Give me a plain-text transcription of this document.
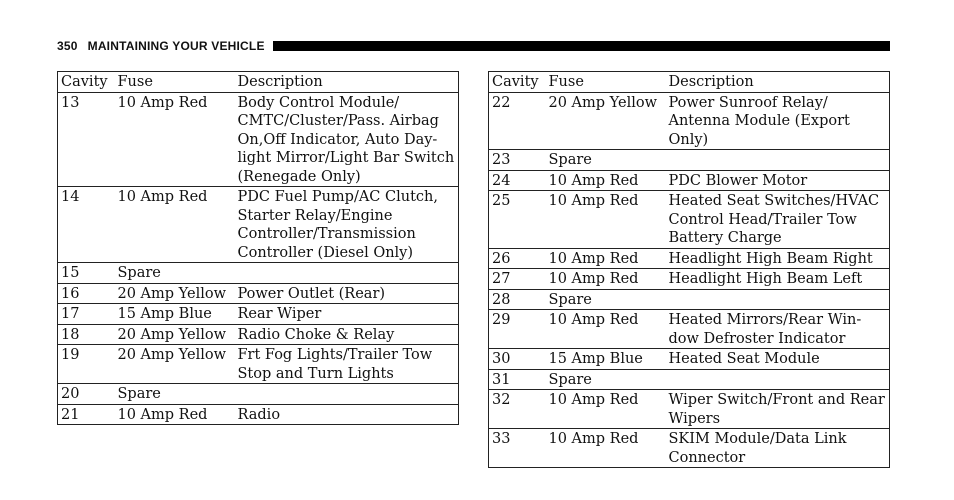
350 MAINTAINING YOUR VEHICLE
Cavity	Fuse	Description
13	10 Amp Red	Body Control Module/ CMTC/Cluster/Pass. Airbag On,Off Indicator, Auto Day-light Mirror/Light Bar Switch (Renegade Only)
14	10 Amp Red	PDC Fuel Pump/AC Clutch, Starter Relay/Engine Controller/Transmission Controller (Diesel Only)
15	Spare	
16	20 Amp Yellow	Power Outlet (Rear)
17	15 Amp Blue	Rear Wiper
18	20 Amp Yellow	Radio Choke & Relay
19	20 Amp Yellow	Frt Fog Lights/Trailer Tow Stop and Turn Lights
20	Spare	
21	10 Amp Red	Radio
Cavity	Fuse	Description
22	20 Amp Yellow	Power Sunroof Relay/ Antenna Module (Export Only)
23	Spare	
24	10 Amp Red	PDC Blower Motor
25	10 Amp Red	Heated Seat Switches/HVAC Control Head/Trailer Tow Battery Charge
26	10 Amp Red	Headlight High Beam Right
27	10 Amp Red	Headlight High Beam Left
28	Spare	
29	10 Amp Red	Heated Mirrors/Rear Win-dow Defroster Indicator
30	15 Amp Blue	Heated Seat Module
31	Spare	
32	10 Amp Red	Wiper Switch/Front and Rear Wipers
33	10 Amp Red	SKIM Module/Data Link Connector
